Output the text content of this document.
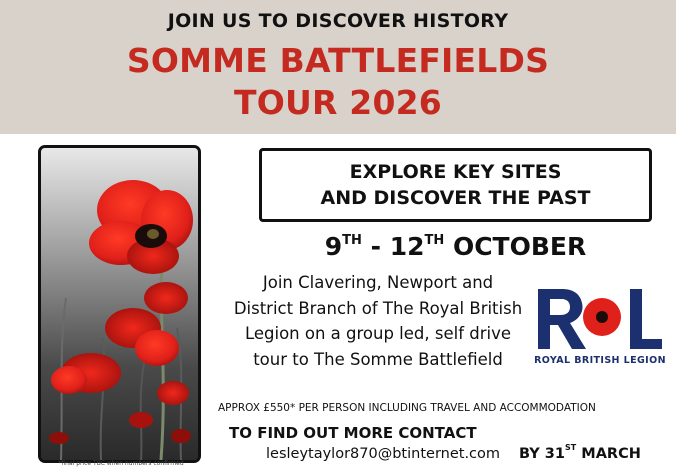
JOIN US TO DISCOVER HISTORY
SOMME BATTLEFIELDS
TOUR 2026
*final price TBC when numbers confirmed
EXPLORE KEY SITES
AND DISCOVER THE PAST
9TH - 12TH OCTOBER
Join Clavering, Newport and
District Branch of The Royal British
Legion on a group led, self drive
tour to The Somme Battlefield	ROYAL BRITISH LEGION
APPROX £550* PER PERSON INCLUDING TRAVEL AND ACCOMMODATION
TO FIND OUT MORE CONTACT
lesleytaylor870@btinternet.com BY 31ST MARCH
